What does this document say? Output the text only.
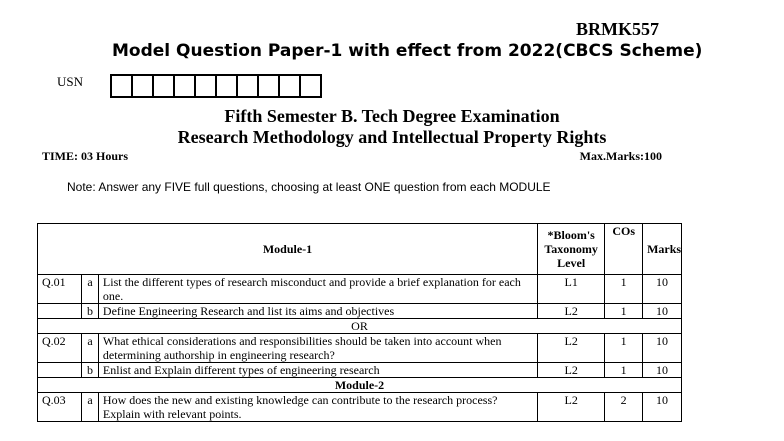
BRMK557
Model Question Paper-1 with effect from 2022(CBCS Scheme)
USN
Fifth Semester B. Tech Degree Examination
Research Methodology and Intellectual Property Rights
TIME: 03 Hours	Max.Marks:100
Note: Answer any FIVE full questions, choosing at least ONE question from each MODULE
Module-1			*Bloom's Taxonomy Level	COs	Marks
Q.01	a	List the different types of research misconduct and provide a brief explanation for each one.	L1	1	10
	b	Define Engineering Research and list its aims and objectives	L2	1	10
OR					
Q.02	a	What ethical considerations and responsibilities should be taken into account when determining authorship in engineering research?	L2	1	10
	b	Enlist and Explain different types of engineering research	L2	1	10
Module-2					
Q.03	a	How does the new and existing knowledge can contribute to the research process? Explain with relevant points.	L2	2	10
